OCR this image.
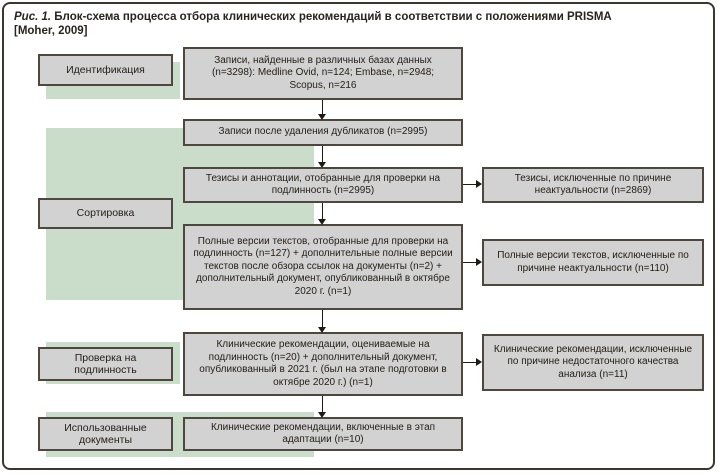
Рис. 1. Блок-схема процесса отбора клинических рекомендаций в соответствии с положениями PRISMA
[Moher, 2009]
Идентификация
Сортировка
Проверка на подлинность
Использованные документы
Записи, найденные в различных базах данных (n=3298): Medline Ovid, n=124; Embase, n=2948; Scopus, n=216
Записи после удаления дубликатов (n=2995)
Тезисы и аннотации, отобранные для проверки на подлинность (n=2995)
Полные версии текстов, отобранные для проверки на подлинность (n=127) + дополнительные полные версии текстов после обзора ссылок на документы (n=2) + дополнительный документ, опубликованный в октябре 2020 г. (n=1)
Клинические рекомендации, оцениваемые на подлинность (n=20) + дополнительный документ, опубликованный в 2021 г. (был на этапе подготовки в октябре 2020 г.) (n=1)
Клинические рекомендации, включенные в этап адаптации (n=10)
Тезисы, исключенные по причине неактуальности (n=2869)
Полные версии текстов, исключенные по причине неактуальности (n=110)
Клинические рекомендации, исключенные по причине недостаточного качества анализа (n=11)
